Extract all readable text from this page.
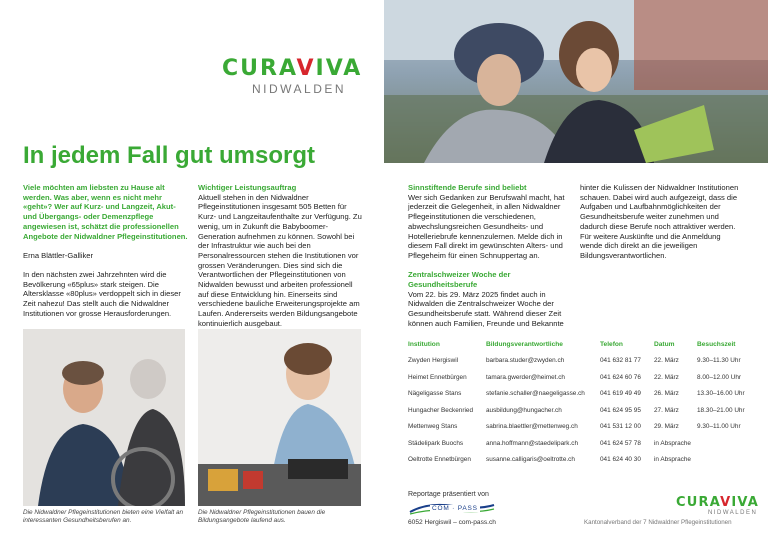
CURAVIVA
NIDWALDEN
In jedem Fall gut umsorgt

Viele möchten am liebsten zu Hause alt werden. Was aber, wenn es nicht mehr «geht»? Wer auf Kurz- und Langzeit, Akut- und Übergangs- oder Demenzpflege angewiesen ist, schätzt die professionellen Angebote der Nidwaldner Pflegeinstitutionen.

Erna Blättler-Galliker

In den nächsten zwei Jahrzehnten wird die Bevölkerung «65plus» stark steigen. Die Altersklasse «80plus» verdoppelt sich in dieser Zeit nahezu! Das stellt auch die Nidwaldner Institutionen vor grosse Herausforderungen.

Wichtiger Leistungsauftrag

Aktuell stehen in den Nidwaldner Pflegeinstitutionen insgesamt 505 Betten für Kurz- und Langzeitaufenthalte zur Verfügung. Zu wenig, um in Zukunft die Babyboomer-Generation aufnehmen zu können. Sowohl bei der Infrastruktur wie auch bei den Personalressourcen stehen die Institutionen vor grossen Veränderungen. Dies sind sich die Verantwortlichen der Pflegeinstitutionen von Nidwalden bewusst und arbeiten professionell auf diese Entwicklung hin. Einerseits sind verschiedene bauliche Erweiterungsprojekte am Laufen. Andererseits werden Bildungsangebote kontinuierlich ausgebaut.

Sinnstiftende Berufe sind beliebt

Wer sich Gedanken zur Berufswahl macht, hat jederzeit die Gelegenheit, in allen Nidwaldner Pflegeinstitutionen die verschiedenen, abwechslungsreichen Gesundheits- und Hotelleriebrufe kennenzulernen. Melde dich in diesem Fall direkt im gewünschten Alters- und Pflegeheim für einen Schnuppertag an.

Zentralschweizer Woche der Gesundheitsberufe

Vom 22. bis 29. März 2025 findet auch in Nidwalden die Zentralschweizer Woche der Gesundheitsberufe statt. Während dieser Zeit können auch Familien, Freunde und Bekannte

hinter die Kulissen der Nidwaldner Institutionen schauen. Dabei wird auch aufgezeigt, dass die Aufgaben und Laufbahnmöglichkeiten der Gesundheitsberufe weiter zunehmen und dadurch diese Berufe noch attraktiver werden. Für weitere Auskünfte und die Anmeldung wende dich direkt an die jeweiligen Bildungsverantwortlichen.

Die Nidwaldner Pflegeinstitutionen bieten eine Vielfalt an interessanten Gesundheitsberufen an.
Die Nidwaldner Pflegeinstitutionen bauen die Bildungsangebote laufend aus.
Institution	Bildungsverantwortliche	Telefon	Datum	Besuchszeit
Zwyden Hergiswil	barbara.studer@zwyden.ch	041 632 81 77	22. März	9.30–11.30 Uhr
Heimet Ennetbürgen	tamara.gwerder@heimet.ch	041 624 60 76	22. März	8.00–12.00 Uhr
Nägeligasse Stans	stefanie.schaller@naegeligasse.ch	041 619 49 49	26. März	13.30–16.00 Uhr
Hungacher Beckenried	ausbildung@hungacher.ch	041 624 95 95	27. März	18.30–21.00 Uhr
Mettenweg Stans	sabrina.blaettler@mettenweg.ch	041 531 12 00	29. März	9.30–11.00 Uhr
Städelipark Buochs	anna.hoffmann@staedelipark.ch	041 624 57 78	in Absprache	
Oeltrotte Ennetbürgen	susanne.calligaris@oeltrotte.ch	041 624 40 30	in Absprache	
Reportage präsentiert von
COM · PASS
6052 Hergiswil – com-pass.ch
CURAVIVA
NIDWALDEN
Kantonalverband der 7 Nidwaldner Pflegeinstitutionen
